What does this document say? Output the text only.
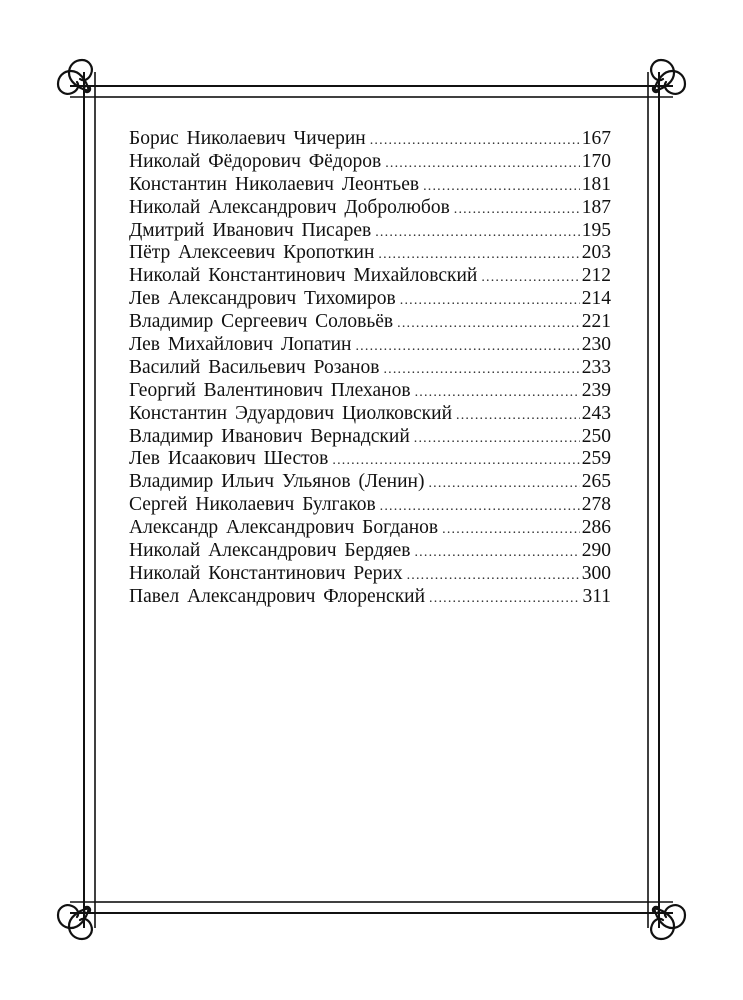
Борис Николаевич Чичерин .....	167
Николай Фёдорович Фёдоров .....	170
Константин Николаевич Леонтьев .....	181
Николай Александрович Добролюбов .....	187
Дмитрий Иванович Писарев .....	195
Пётр Алексеевич Кропоткин .....	203
Николай Константинович Михайловский .....	212
Лев Александрович Тихомиров .....	214
Владимир Сергеевич Соловьёв .....	221
Лев Михайлович Лопатин .....	230
Василий Васильевич Розанов .....	233
Георгий Валентинович Плеханов .....	239
Константин Эдуардович Циолковский .....	243
Владимир Иванович Вернадский .....	250
Лев Исаакович Шестов .....	259
Владимир Ильич Ульянов (Ленин) .....	265
Сергей Николаевич Булгаков .....	278
Александр Александрович Богданов .....	286
Николай Александрович Бердяев .....	290
Николай Константинович Рерих .....	300
Павел Александрович Флоренский .....	311
